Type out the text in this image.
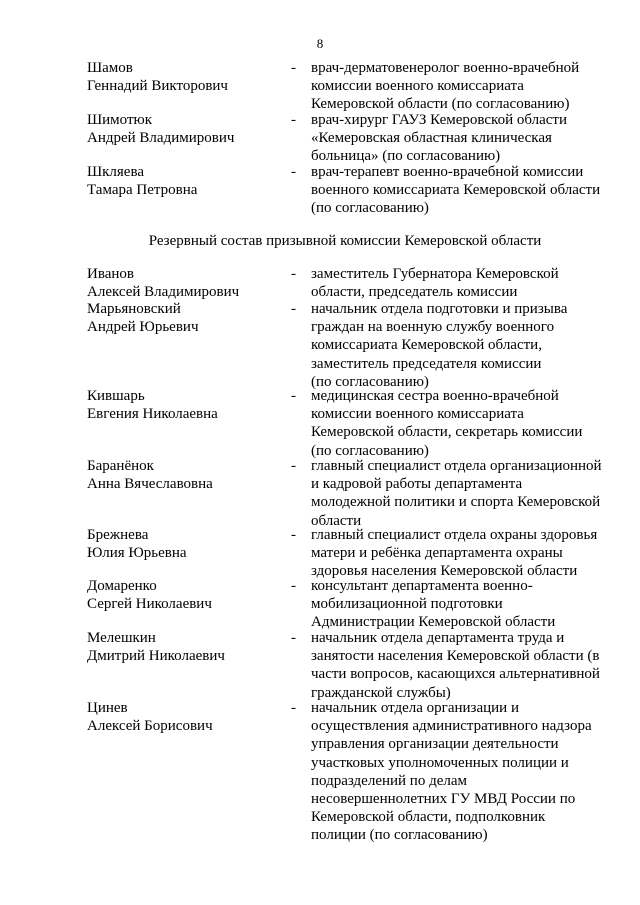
8
Шамов
Геннадий Викторович
-	врач-дерматовенеролог военно-врачебной
комиссии военного комиссариата
Кемеровской области (по согласованию)
Шимотюк
Андрей Владимирович
-	врач-хирург ГАУЗ Кемеровской области
«Кемеровская областная клиническая
больница» (по согласованию)
Шкляева
Тамара Петровна
-	врач-терапевт военно-врачебной комиссии
военного комиссариата Кемеровской области
(по согласованию)
Резервный состав призывной комиссии Кемеровской области
Иванов
Алексей Владимирович
-	заместитель Губернатора Кемеровской
области, председатель комиссии
Марьяновский
Андрей Юрьевич
-	начальник отдела подготовки и призыва
граждан на военную службу военного
комиссариата Кемеровской области,
заместитель председателя комиссии
(по согласованию)
Кившарь
Евгения Николаевна
-	медицинская сестра военно-врачебной
комиссии военного комиссариата
Кемеровской области, секретарь комиссии
(по согласованию)
Баранёнок
Анна Вячеславовна
-	главный специалист отдела организационной
и кадровой работы департамента
молодежной политики и спорта Кемеровской
области
Брежнева
Юлия Юрьевна
-	главный специалист отдела охраны здоровья
матери и ребёнка департамента охраны
здоровья населения Кемеровской области
Домаренко
Сергей Николаевич
-	консультант департамента военно-
мобилизационной подготовки
Администрации Кемеровской области
Мелешкин
Дмитрий Николаевич
-	начальник отдела департамента труда и
занятости населения Кемеровской области (в
части вопросов, касающихся альтернативной
гражданской службы)
Цинев
Алексей Борисович
-	начальник отдела организации и
осуществления административного надзора
управления организации деятельности
участковых уполномоченных полиции и
подразделений по делам
несовершеннолетних ГУ МВД России по
Кемеровской области, подполковник
полиции (по согласованию)
